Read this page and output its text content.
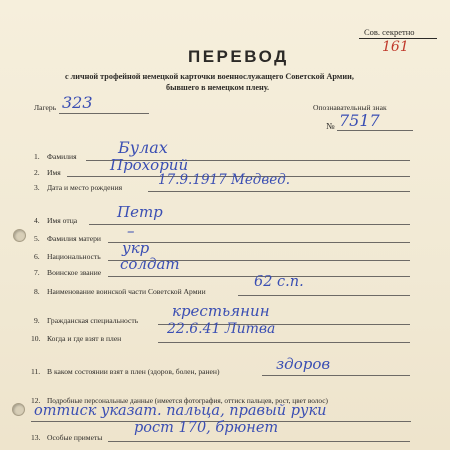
Сов. секретно
161
ПЕРЕВОД
с личной трофейной немецкой карточки военнослужащего Советской Армии,
бывшего в немецком плену.
Лагерь 323	Опознавательный знак
№ 7517
1. Фамилия	Булах
2. Имя	Прохорий
3. Дата и место рождения	17.9.1917 Медвед.
4. Имя отца	Петр
5. Фамилия матери –
6. Национальность укр
7. Воинское звание солдат
8. Наименование воинской части Советской Армии
62 с.п.
9. Гражданская специальность
крестьянин
10. Когда и где взят в плен
22.6.41 Литва
11. В каком состоянии взят в плен (здоров, болен, ранен)	здоров
12. Подробные персональные данные (имеется фотография, оттиск пальцев, рост, цвет волос)
оттиск указат. пальца, правый руки
13. Особые приметы
рост 170, брюнет
